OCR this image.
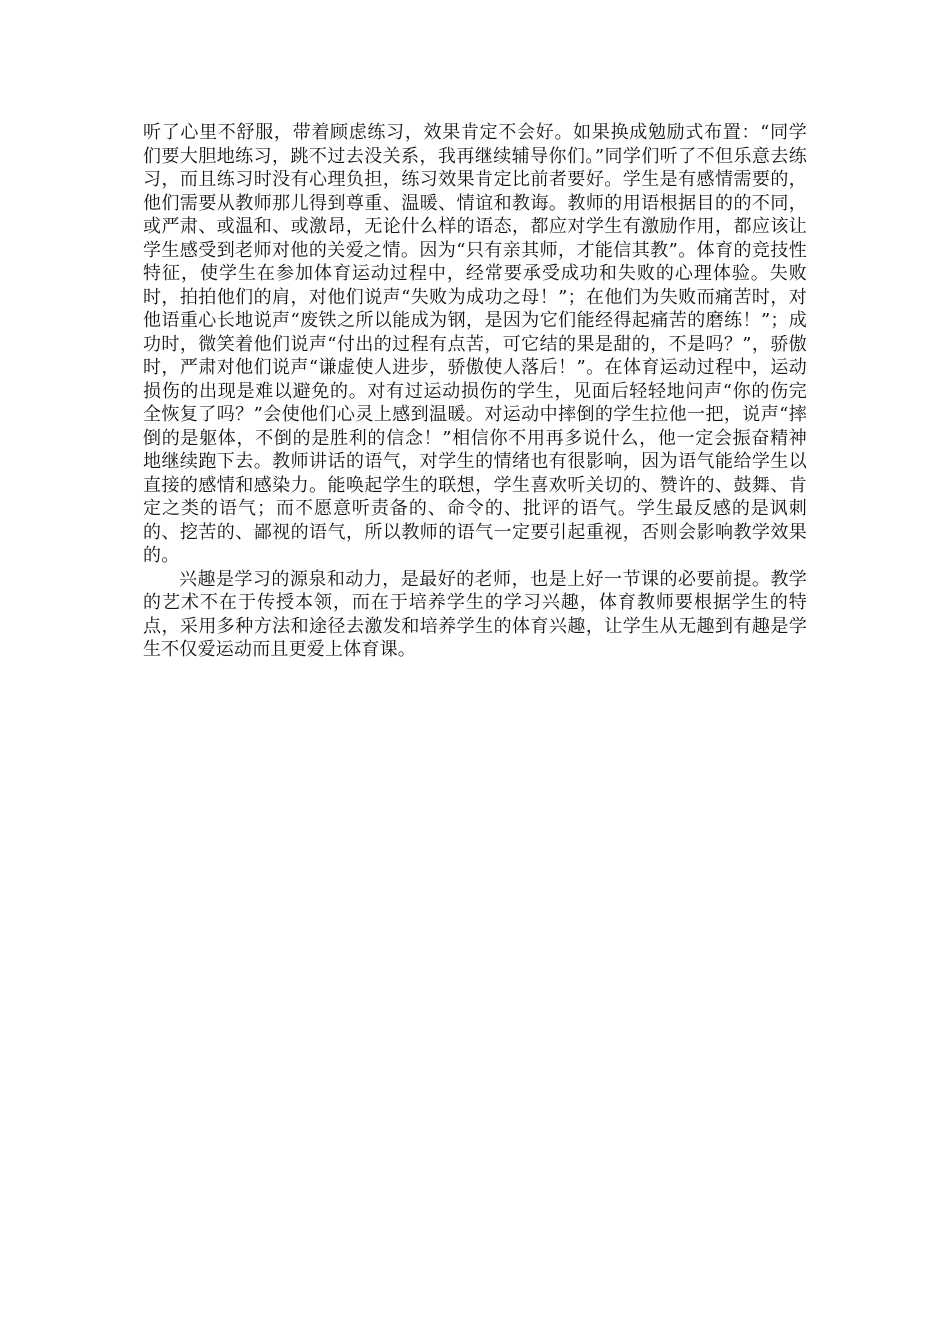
听了心里不舒服，带着顾虑练习，效果肯定不会好。如果换成勉励式布置：“同学们要大胆地练习，跳不过去没关系，我再继续辅导你们。”同学们听了不但乐意去练习，而且练习时没有心理负担，练习效果肯定比前者要好。学生是有感情需要的，他们需要从教师那儿得到尊重、温暖、情谊和教诲。教师的用语根据目的的不同，或严肃、或温和、或激昂，无论什么样的语态，都应对学生有激励作用，都应该让学生感受到老师对他的关爱之情。因为“只有亲其师，才能信其教”。体育的竞技性特征，使学生在参加体育运动过程中，经常要承受成功和失败的心理体验。失败时，拍拍他们的肩，对他们说声“失败为成功之母！”；在他们为失败而痛苦时，对他语重心长地说声“废铁之所以能成为钢，是因为它们能经得起痛苦的磨练！”；成功时，微笑着他们说声“付出的过程有点苦，可它结的果是甜的，不是吗？”，骄傲时，严肃对他们说声“谦虚使人进步，骄傲使人落后！”。在体育运动过程中，运动损伤的出现是难以避免的。对有过运动损伤的学生，见面后轻轻地问声“你的伤完全恢复了吗？”会使他们心灵上感到温暖。对运动中摔倒的学生拉他一把，说声“摔倒的是躯体，不倒的是胜利的信念！”相信你不用再多说什么，他一定会振奋精神地继续跑下去。教师讲话的语气，对学生的情绪也有很影响，因为语气能给学生以直接的感情和感染力。能唤起学生的联想，学生喜欢听关切的、赞许的、鼓舞、肯定之类的语气；而不愿意听责备的、命令的、批评的语气。学生最反感的是讽刺的、挖苦的、鄙视的语气，所以教师的语气一定要引起重视，否则会影响教学效果的。

兴趣是学习的源泉和动力，是最好的老师，也是上好一节课的必要前提。教学的艺术不在于传授本领，而在于培养学生的学习兴趣，体育教师要根据学生的特点，采用多种方法和途径去激发和培养学生的体育兴趣，让学生从无趣到有趣是学生不仅爱运动而且更爱上体育课。
